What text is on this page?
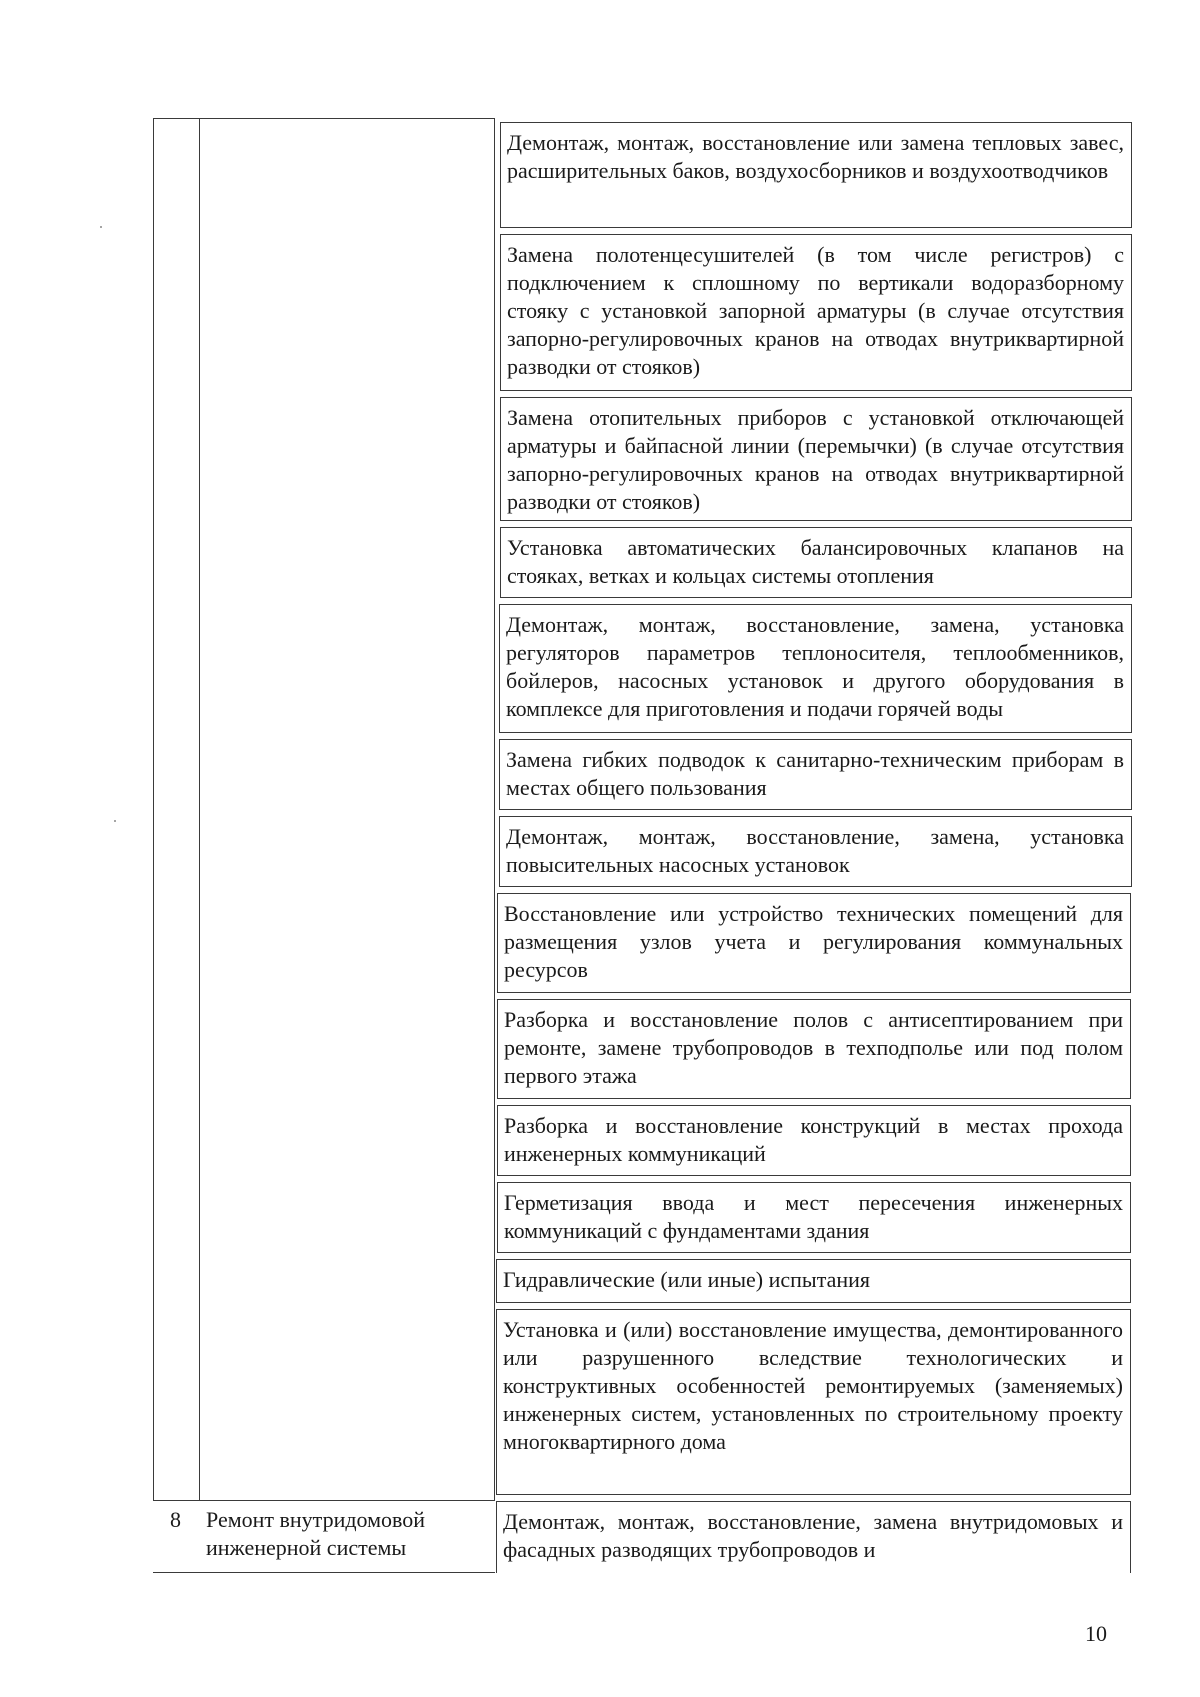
Демонтаж, монтаж, восстановление или замена тепловых завес, расширительных баков, воздухосборников и воздухоотводчиков
Замена полотенцесушителей (в том числе регистров) с подключением к сплошному по вертикали водоразборному стояку с установкой запорной арматуры (в случае отсутствия запорно-регулировочных кранов на отводах внутриквартирной разводки от стояков)
Замена отопительных приборов с установкой отключающей арматуры и байпасной линии (перемычки) (в случае отсутствия запорно-регулировочных кранов на отводах внутриквартирной разводки от стояков)
Установка автоматических балансировочных клапанов на стояках, ветках и кольцах системы отопления
Демонтаж, монтаж, восстановление, замена, установка регуляторов параметров теплоносителя, теплообменников, бойлеров, насосных установок и другого оборудования в комплексе для приготовления и подачи горячей воды
Замена гибких подводок к санитарно-техническим приборам в местах общего пользования
Демонтаж, монтаж, восстановление, замена, установка повысительных насосных установок
Восстановление или устройство технических помещений для размещения узлов учета и регулирования коммунальных ресурсов
Разборка и восстановление полов с антисептированием при ремонте, замене трубопроводов в техподполье или под полом первого этажа
Разборка и восстановление конструкций в местах прохода инженерных коммуникаций
Герметизация ввода и мест пересечения инженерных коммуникаций с фундаментами здания
Гидравлические (или иные) испытания
Установка и (или) восстановление имущества, демонтированного или разрушенного вследствие технологических и конструктивных особенностей ремонтируемых (заменяемых) инженерных систем, установленных по строительному проекту многоквартирного дома
8 Ремонт внутридомовой инженерной системы
Демонтаж, монтаж, восстановление, замена внутридомовых и фасадных разводящих трубопроводов и
10
